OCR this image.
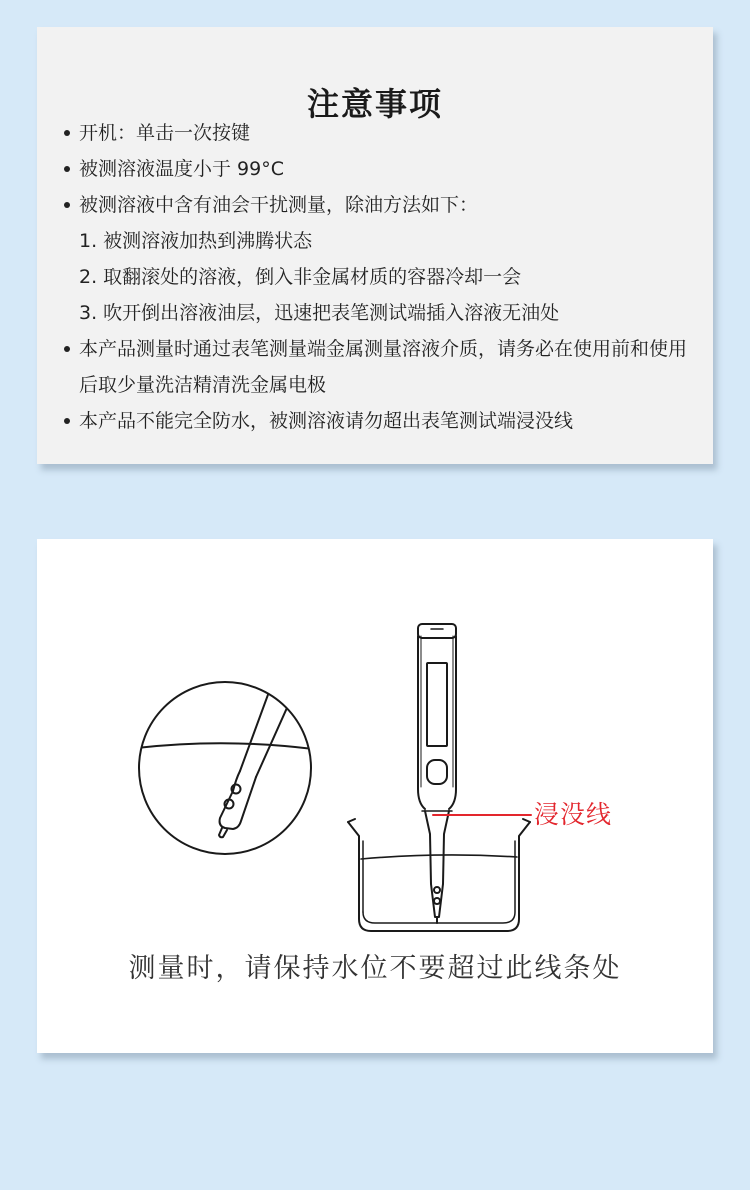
注意事项
开机：单击一次按键
被测溶液温度小于 99°C
被测溶液中含有油会干扰测量，除油方法如下：
1. 被测溶液加热到沸腾状态
2. 取翻滚处的溶液，倒入非金属材质的容器冷却一会
3. 吹开倒出溶液油层，迅速把表笔测试端插入溶液无油处
本产品测量时通过表笔测量端金属测量溶液介质，请务必在使用前和使用后取少量洗洁精清洗金属电极
本产品不能完全防水，被测溶液请勿超出表笔测试端浸没线
浸没线
测量时，请保持水位不要超过此线条处
